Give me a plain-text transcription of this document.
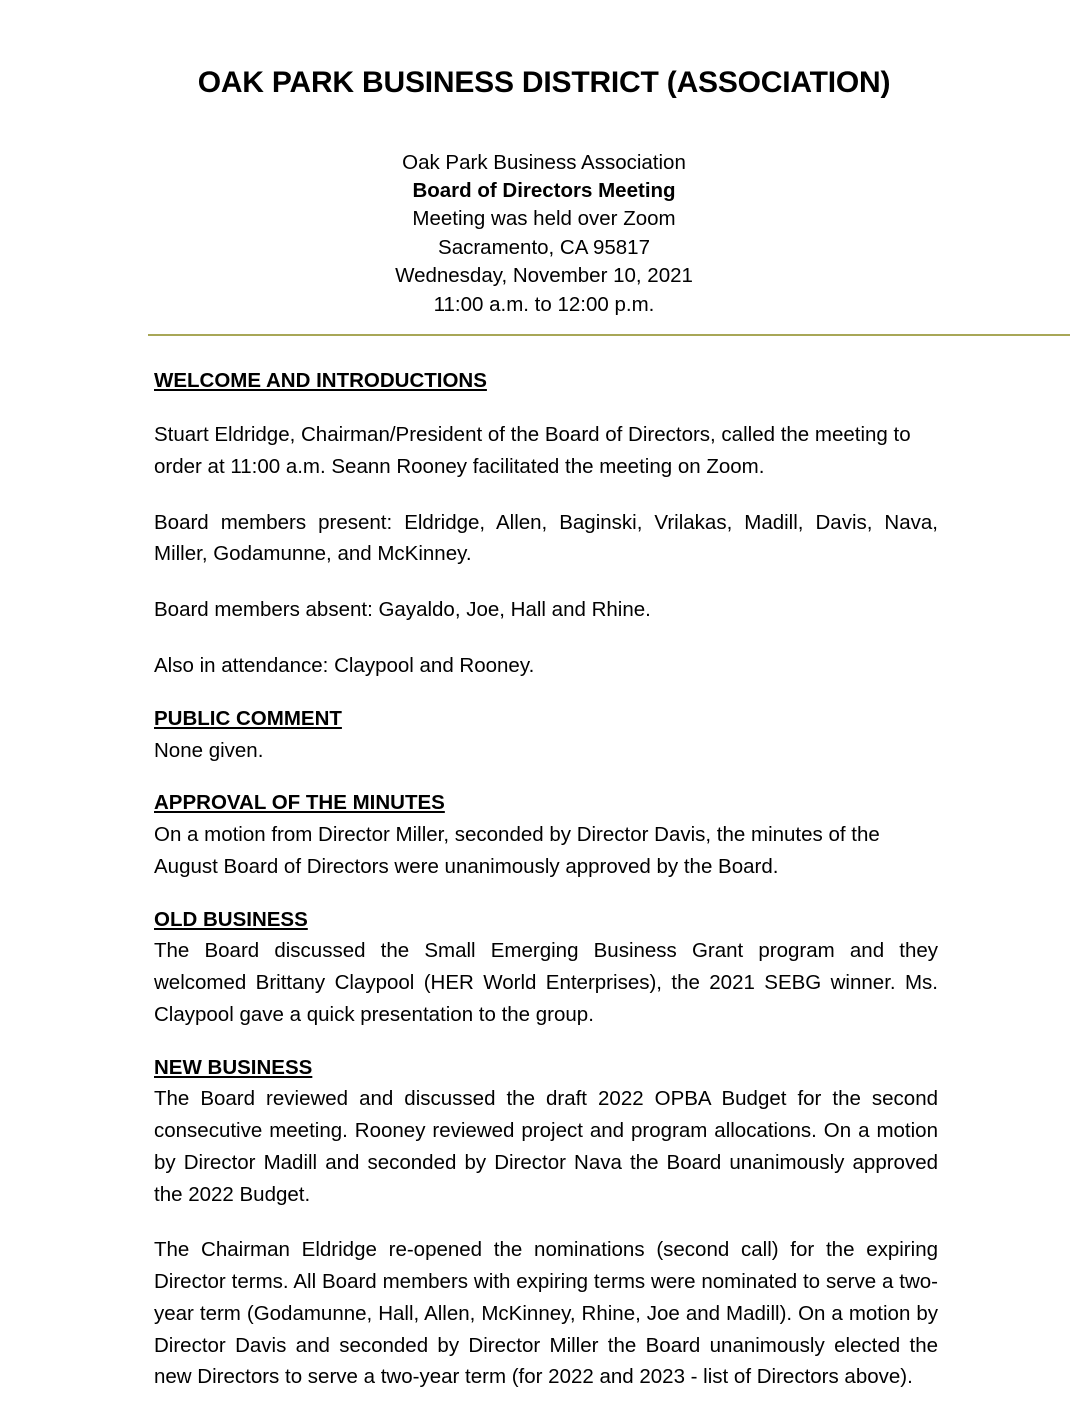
OAK PARK BUSINESS DISTRICT (ASSOCIATION)
Oak Park Business Association
Board of Directors Meeting
Meeting was held over Zoom
Sacramento, CA 95817
Wednesday, November 10, 2021
11:00 a.m. to 12:00 p.m.
WELCOME AND INTRODUCTIONS

Stuart Eldridge, Chairman/President of the Board of Directors, called the meeting to order at 11:00 a.m. Seann Rooney facilitated the meeting on Zoom.

Board members present: Eldridge, Allen, Baginski, Vrilakas, Madill, Davis, Nava, Miller, Godamunne, and McKinney.

Board members absent: Gayaldo, Joe, Hall and Rhine.

Also in attendance: Claypool and Rooney.

PUBLIC COMMENT

None given.

APPROVAL OF THE MINUTES

On a motion from Director Miller, seconded by Director Davis, the minutes of the August Board of Directors were unanimously approved by the Board.

OLD BUSINESS

The Board discussed the Small Emerging Business Grant program and they welcomed Brittany Claypool (HER World Enterprises), the 2021 SEBG winner. Ms. Claypool gave a quick presentation to the group.

NEW BUSINESS

The Board reviewed and discussed the draft 2022 OPBA Budget for the second consecutive meeting. Rooney reviewed project and program allocations. On a motion by Director Madill and seconded by Director Nava the Board unanimously approved the 2022 Budget.

The Chairman Eldridge re-opened the nominations (second call) for the expiring Director terms. All Board members with expiring terms were nominated to serve a two-year term (Godamunne, Hall, Allen, McKinney, Rhine, Joe and Madill). On a motion by Director Davis and seconded by Director Miller the Board unanimously elected the new Directors to serve a two-year term (for 2022 and 2023 - list of Directors above).
